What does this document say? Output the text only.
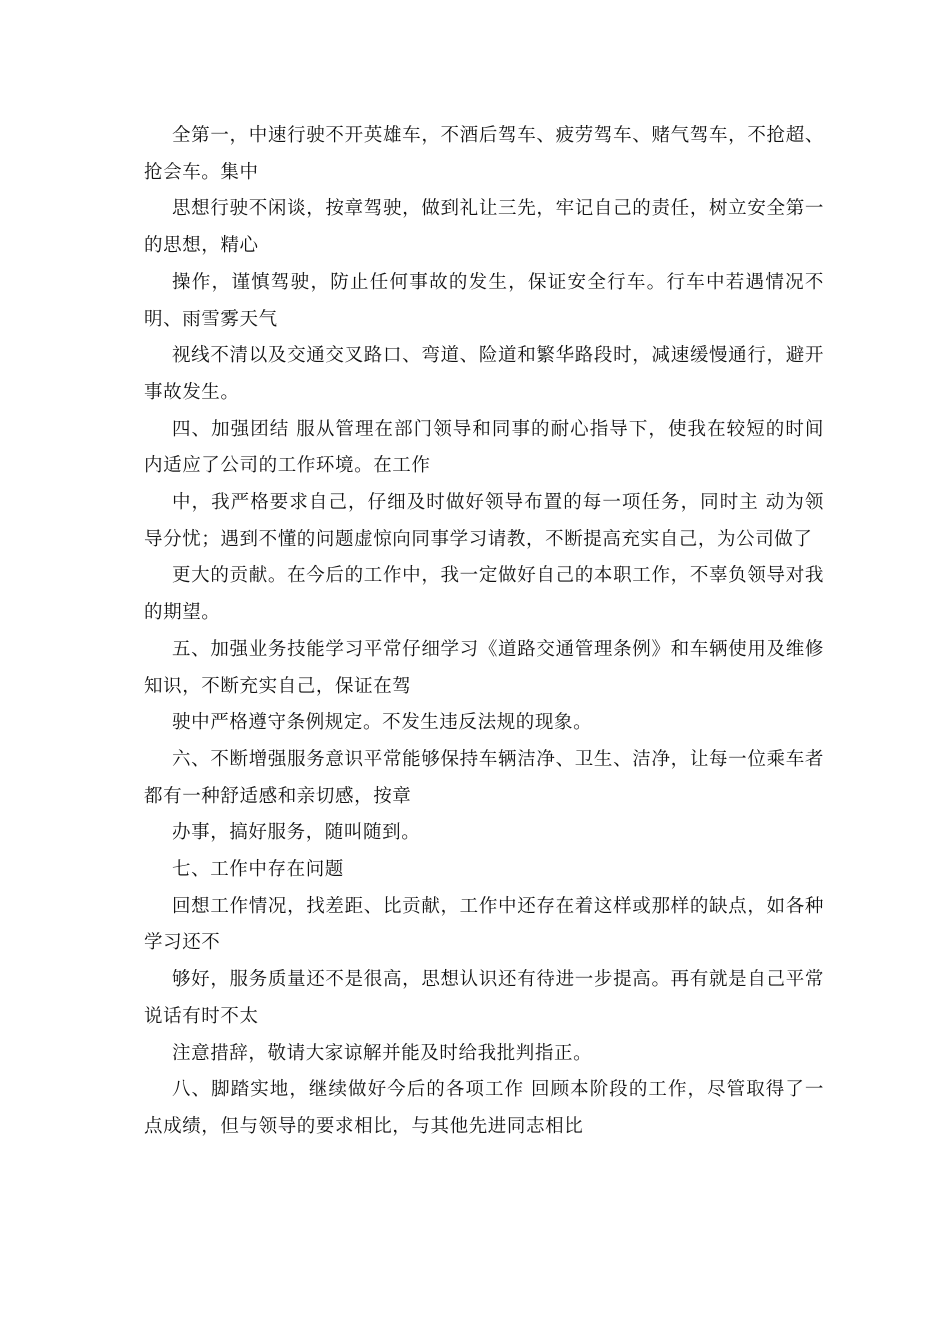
全第一，中速行驶不开英雄车，不酒后驾车、疲劳驾车、赌气驾车，不抢超、抢会车。集中

思想行驶不闲谈，按章驾驶，做到礼让三先，牢记自己的责任，树立安全第一的思想，精心

操作，谨慎驾驶，防止任何事故的发生，保证安全行车。行车中若遇情况不明、雨雪雾天气

视线不清以及交通交叉路口、弯道、险道和繁华路段时，减速缓慢通行，避开事故发生。

四、加强团结 服从管理在部门领导和同事的耐心指导下，使我在较短的时间内适应了公司的工作环境。在工作

中，我严格要求自己，仔细及时做好领导布置的每一项任务，同时主 动为领导分忧；遇到不懂的问题虚惊向同事学习请教，不断提高充实自己，为公司做了

更大的贡献。在今后的工作中，我一定做好自己的本职工作，不辜负领导对我的期望。

五、加强业务技能学习平常仔细学习《道路交通管理条例》和车辆使用及维修知识，不断充实自己，保证在驾

驶中严格遵守条例规定。不发生违反法规的现象。

六、不断增强服务意识平常能够保持车辆洁净、卫生、洁净，让每一位乘车者都有一种舒适感和亲切感，按章

办事，搞好服务，随叫随到。

七、工作中存在问题

回想工作情况，找差距、比贡献，工作中还存在着这样或那样的缺点，如各种学习还不

够好，服务质量还不是很高，思想认识还有待进一步提高。再有就是自己平常说话有时不太

注意措辞，敬请大家谅解并能及时给我批判指正。

八、脚踏实地，继续做好今后的各项工作 回顾本阶段的工作，尽管取得了一点成绩，但与领导的要求相比，与其他先进同志相比
